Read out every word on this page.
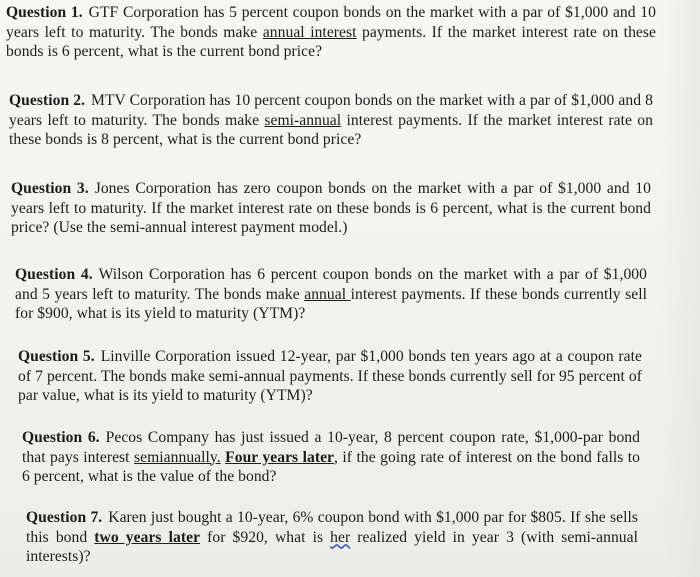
Question 1. GTF Corporation has 5 percent coupon bonds on the market with a par of $1,000 and 10 years left to maturity. The bonds make annual interest payments. If the market interest rate on these bonds is 6 percent, what is the current bond price?
Question 2. MTV Corporation has 10 percent coupon bonds on the market with a par of $1,000 and 8 years left to maturity. The bonds make semi-annual interest payments. If the market interest rate on these bonds is 8 percent, what is the current bond price?
Question 3. Jones Corporation has zero coupon bonds on the market with a par of $1,000 and 10 years left to maturity. If the market interest rate on these bonds is 6 percent, what is the current bond price? (Use the semi-annual interest payment model.)
Question 4. Wilson Corporation has 6 percent coupon bonds on the market with a par of $1,000 and 5 years left to maturity. The bonds make annual interest payments. If these bonds currently sell for $900, what is its yield to maturity (YTM)?
Question 5. Linville Corporation issued 12-year, par $1,000 bonds ten years ago at a coupon rate of 7 percent. The bonds make semi-annual payments. If these bonds currently sell for 95 percent of par value, what is its yield to maturity (YTM)?
Question 6. Pecos Company has just issued a 10-year, 8 percent coupon rate, $1,000-par bond that pays interest semiannually. Four years later, if the going rate of interest on the bond falls to 6 percent, what is the value of the bond?
Question 7. Karen just bought a 10-year, 6% coupon bond with $1,000 par for $805. If she sells this bond two years later for $920, what is her realized yield in year 3 (with semi-annual interests)?
